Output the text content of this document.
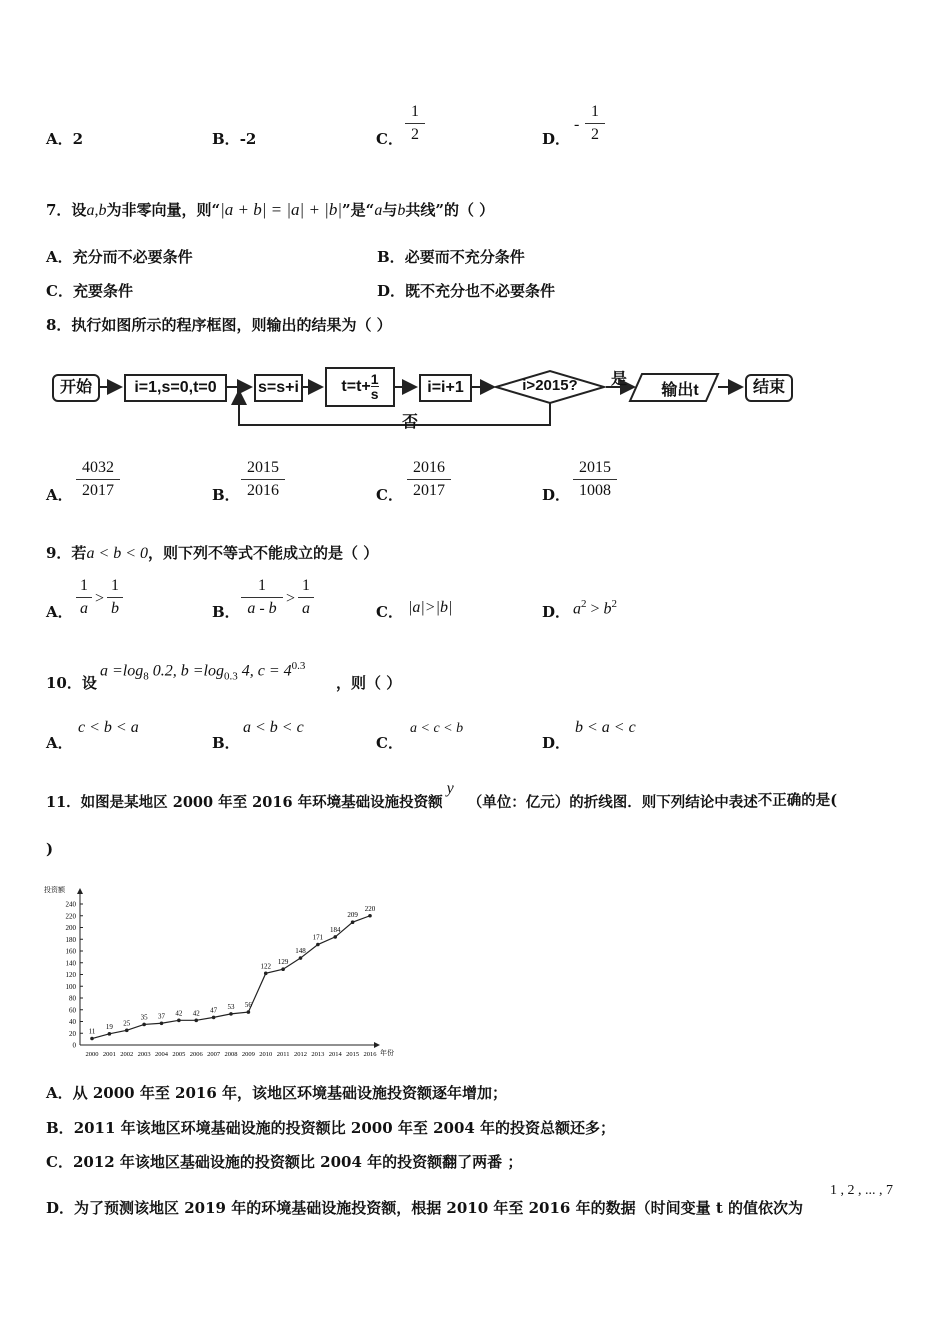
A．2	B．-2	C．
1
2	D．
-
1
2
7．设a,b为非零向量，则“|a + b| = |a| + |b|”是“a与b共线”的（ ）
A．充分而不必要条件	B．必要而不充分条件
C．充要条件	D．既不充分也不必要条件
8．执行如图所示的程序框图，则输出的结果为（ ）
开始	i=1,s=0,t=0	s=s+i	$t=t+ \frac{1}{s}$	i=i+1	i>2015?	是
否
输出t	结束
A．
4032
2017	B．
2015
2016	C．
2016
2017	D．
2015
1008
9．若a < b < 0，则下列不等式不能成立的是（ ）
A．
1
a
>
1
b	B．
1
a - b
>
1
a	C． |a|>|b|	D． $a^2 > b^2$
10．设
$a =\log_8$ 0.2, $b =\log_{0.3}$ 4, $c = 4^{0.3}$
，则（ ）
A．
c < b < a
B．
a < b < c
C．
a < c < b
D．
b < a < c
11．如图是某地区 2000 年至 2016 年环境基础设施投资额y（单位：亿元）的折线图．则下列结论中表述不正确的是(
)
投资额
年份
0
20
40
60
80
100
120
140
160
180
200
220
240
2000 2001 2002 2003 2004 2005 2006 2007 2008 2009 2010 2011 2012 2013 2014 2015 2016
11
19 25
35 37 42 42 47 53 56
122
129
148
171
184
209
220
A．从 2000 年至 2016 年，该地区环境基础设施投资额逐年增加；
B．2011 年该地区环境基础设施的投资额比 2000 年至 2004 年的投资总额还多；
C．2012 年该地区基础设施的投资额比 2004 年的投资额翻了两番 ；
D．为了预测该地区 2019 年的环境基础设施投资额，根据 2010 年至 2016 年的数据（时间变量 t 的值依次为
1 , 2 , ... , 7
